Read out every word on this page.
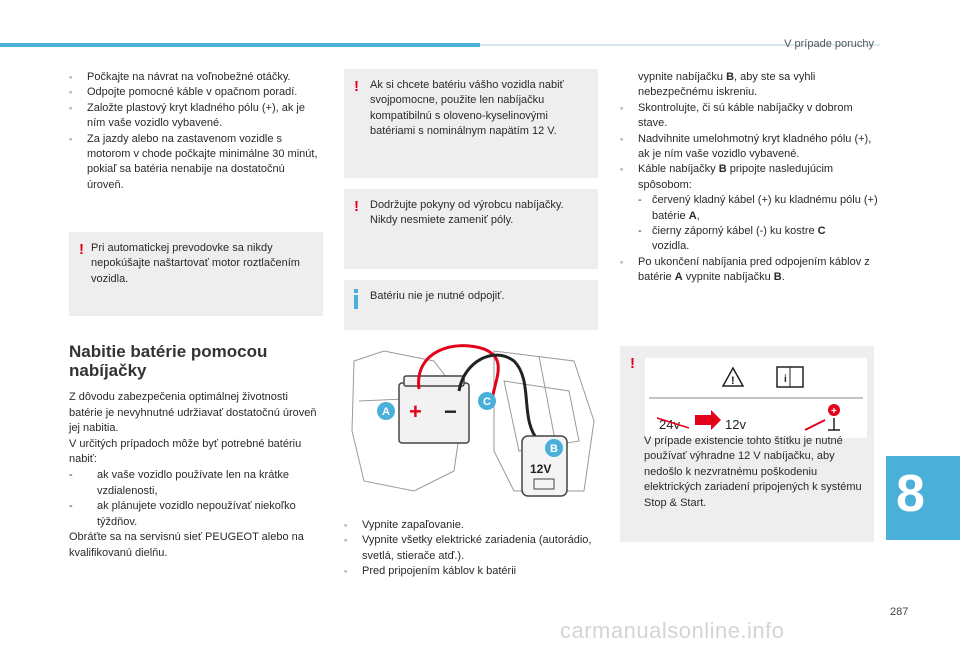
V prípade poruchy
◦ Počkajte na návrat na voľnobežné otáčky.
◦ Odpojte pomocné káble v opačnom poradí.
◦ Založte plastový kryt kladného pólu (+), ak je ním vaše vozidlo vybavené.
◦ Za jazdy alebo na zastavenom vozidle s motorom v chode počkajte minimálne 30 minút, pokiaľ sa batéria nenabije na dostatočnú úroveň.
! Pri automatickej prevodovke sa nikdy nepokúšajte naštartovať motor roztlačením vozidla.
Nabitie batérie pomocou nabíjačky
Z dôvodu zabezpečenia optimálnej životnosti batérie je nevyhnutné udržiavať dostatočnú úroveň jej nabitia.
V určitých prípadoch môže byť potrebné batériu nabiť:
-	ak vaše vozidlo používate len na krátke vzdialenosti,
-	ak plánujete vozidlo nepoužívať niekoľko týždňov.
Obráťte sa na servisnú sieť PEUGEOT alebo na kvalifikovanú dielňu.
! Ak si chcete batériu vášho vozidla nabiť svojpomocne, použite len nabíjačku kompatibilnú s oloveno-kyselinovými batériami s nominálnym napätím 12 V.
! Dodržujte pokyny od výrobcu nabíjačky. Nikdy nesmiete zameniť póly.
Batériu nie je nutné odpojiť.
+ −
12V
A
C
B
◦ Vypnite zapaľovanie.
◦ Vypnite všetky elektrické zariadenia (autorádio, svetlá, stierače atď.).
◦ Pred pripojením káblov k batérii
vypnite nabíjačku B, aby ste sa vyhli nebezpečnému iskreniu.
◦ Skontrolujte, či sú káble nabíjačky v dobrom stave.
◦ Nadvihnite umelohmotný kryt kladného pólu (+), ak je ním vaše vozidlo vybavené.
◦ Káble nabíjačky B pripojte nasledujúcim spôsobom:
- červený kladný kábel (+) ku kladnému pólu (+) batérie A,
- čierny záporný kábel (-) ku kostre C
vozidla.
◦ Po ukončení nabíjania pred odpojením káblov z batérie A vypnite nabíjačku B.
!
!	i
24v	12v
+
V prípade existencie tohto štítku je nutné používať výhradne 12 V nabíjačku, aby nedošlo k nezvratnému poškodeniu elektrických zariadení pripojených k systému Stop & Start.	8
287
carmanualsonline.info
